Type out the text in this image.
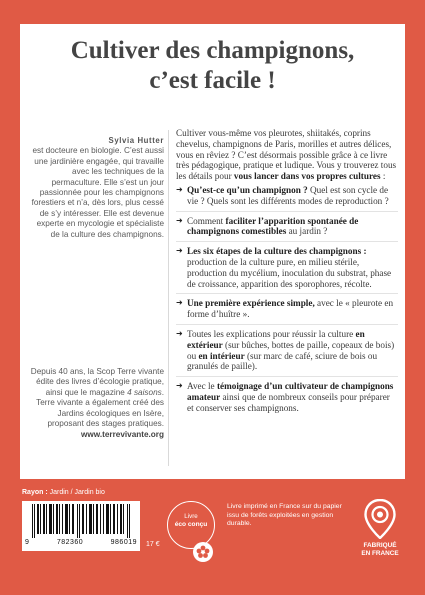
Cultiver des champignons,
c’est facile !
Sylvia Hutter

est docteure en biologie. C’est aussi une jardinière engagée, qui travaille avec les techniques de la permaculture. Elle s’est un jour passionnée pour les champignons forestiers et n’a, dès lors, plus cessé de s’y intéresser. Elle est devenue experte en mycologie et spécialiste de la culture des champignons.

Depuis 40 ans, la Scop Terre vivante édite des livres d’écologie pratique, ainsi que le magazine 4 saisons. Terre vivante a également créé des Jardins écologiques en Isère, proposant des stages pratiques.

www.terrevivante.org

Cultiver vous-même vos pleurotes, shiitakés, coprins chevelus, champignons de Paris, morilles et autres délices, vous en rêviez ? C’est désormais possible grâce à ce livre très pédagogique, pratique et ludique. Vous y trouverez tous les détails pour vous lancer dans vos propres cultures :

➜ Qu’est-ce qu’un champignon ? Quel est son cycle de vie ? Quels sont les différents modes de reproduction ?
➜ Comment faciliter l’apparition spontanée de champignons comestibles au jardin ?
➜ Les six étapes de la culture des champignons : production de la culture pure, en milieu stérile, production du mycélium, inoculation du substrat, phase de croissance, apparition des sporophores, récolte.
➜ Une première expérience simple, avec le « pleurote en forme d’huître ».
➜ Toutes les explications pour réussir la culture en extérieur (sur bûches, bottes de paille, copeaux de bois) ou en intérieur (sur marc de café, sciure de bois ou granulés de paille).
➜ Avec le témoignage d’un cultivateur de champignons amateur ainsi que de nombreux conseils pour préparer et conserver ses champignons.
Rayon : Jardin / Jardin bio
9	782360	986019 17 €
Livre
éco conçu
Livre imprimé en France sur du papier issu de forêts exploitées en gestion durable.
FABRIQUÉ
EN FRANCE
